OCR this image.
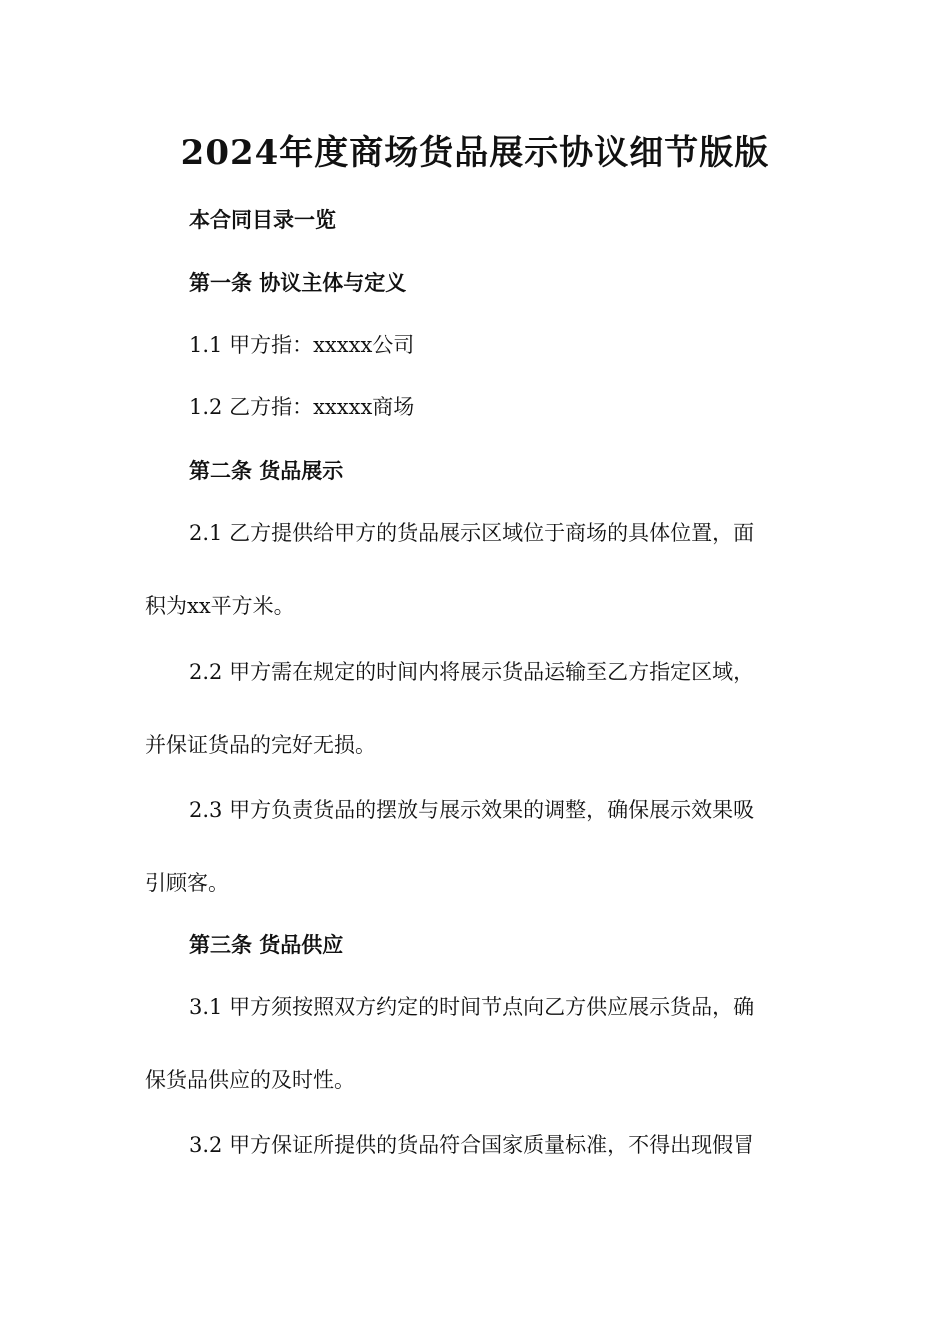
2024年度商场货品展示协议细节版版
本合同目录一览
第一条 协议主体与定义
1.1 甲方指：xxxxx公司
1.2 乙方指：xxxxx商场
第二条 货品展示
2.1 乙方提供给甲方的货品展示区域位于商场的具体位置，面
积为xx平方米。
2.2 甲方需在规定的时间内将展示货品运输至乙方指定区域，
并保证货品的完好无损。
2.3 甲方负责货品的摆放与展示效果的调整，确保展示效果吸
引顾客。
第三条 货品供应
3.1 甲方须按照双方约定的时间节点向乙方供应展示货品，确
保货品供应的及时性。
3.2 甲方保证所提供的货品符合国家质量标准，不得出现假冒
